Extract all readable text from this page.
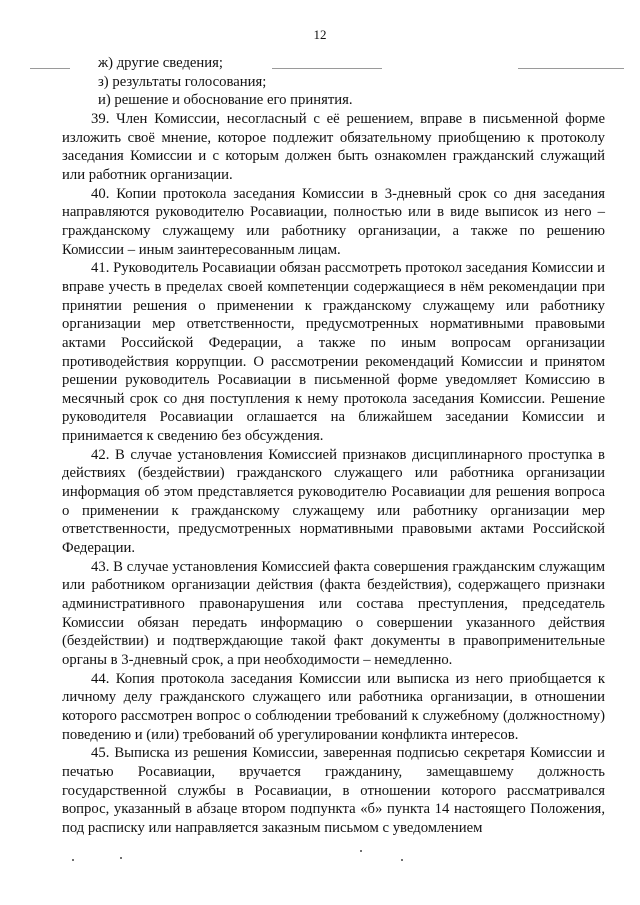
12

ж) другие сведения;

з) результаты голосования;

и) решение и обоснование его принятия.

39. Член Комиссии, несогласный с её решением, вправе в письменной форме изложить своё мнение, которое подлежит обязательному приобщению к протоколу заседания Комиссии и с которым должен быть ознакомлен гражданский служащий или работник организации.

40. Копии протокола заседания Комиссии в 3-дневный срок со дня заседания направляются руководителю Росавиации, полностью или в виде выписок из него – гражданскому служащему или работнику организации, а также по решению Комиссии – иным заинтересованным лицам.

41. Руководитель Росавиации обязан рассмотреть протокол заседания Комиссии и вправе учесть в пределах своей компетенции содержащиеся в нём рекомендации при принятии решения о применении к гражданскому служащему или работнику организации мер ответственности, предусмотренных нормативными правовыми актами Российской Федерации, а также по иным вопросам организации противодействия коррупции. О рассмотрении рекомендаций Комиссии и принятом решении руководитель Росавиации в письменной форме уведомляет Комиссию в месячный срок со дня поступления к нему протокола заседания Комиссии. Решение руководителя Росавиации оглашается на ближайшем заседании Комиссии и принимается к сведению без обсуждения.

42. В случае установления Комиссией признаков дисциплинарного проступка в действиях (бездействии) гражданского служащего или работника организации информация об этом представляется руководителю Росавиации для решения вопроса о применении к гражданскому служащему или работнику организации мер ответственности, предусмотренных нормативными правовыми актами Российской Федерации.

43. В случае установления Комиссией факта совершения гражданским служащим или работником организации действия (факта бездействия), содержащего признаки административного правонарушения или состава преступления, председатель Комиссии обязан передать информацию о совершении указанного действия (бездействии) и подтверждающие такой факт документы в правоприменительные органы в 3-дневный срок, а при необходимости – немедленно.

44. Копия протокола заседания Комиссии или выписка из него приобщается к личному делу гражданского служащего или работника организации, в отношении которого рассмотрен вопрос о соблюдении требований к служебному (должностному) поведению и (или) требований об урегулировании конфликта интересов.

45. Выписка из решения Комиссии, заверенная подписью секретаря Комиссии и печатью Росавиации, вручается гражданину, замещавшему должность государственной службы в Росавиации, в отношении которого рассматривался вопрос, указанный в абзаце втором подпункта «б» пункта 14 настоящего Положения, под расписку или направляется заказным письмом с уведомлением
